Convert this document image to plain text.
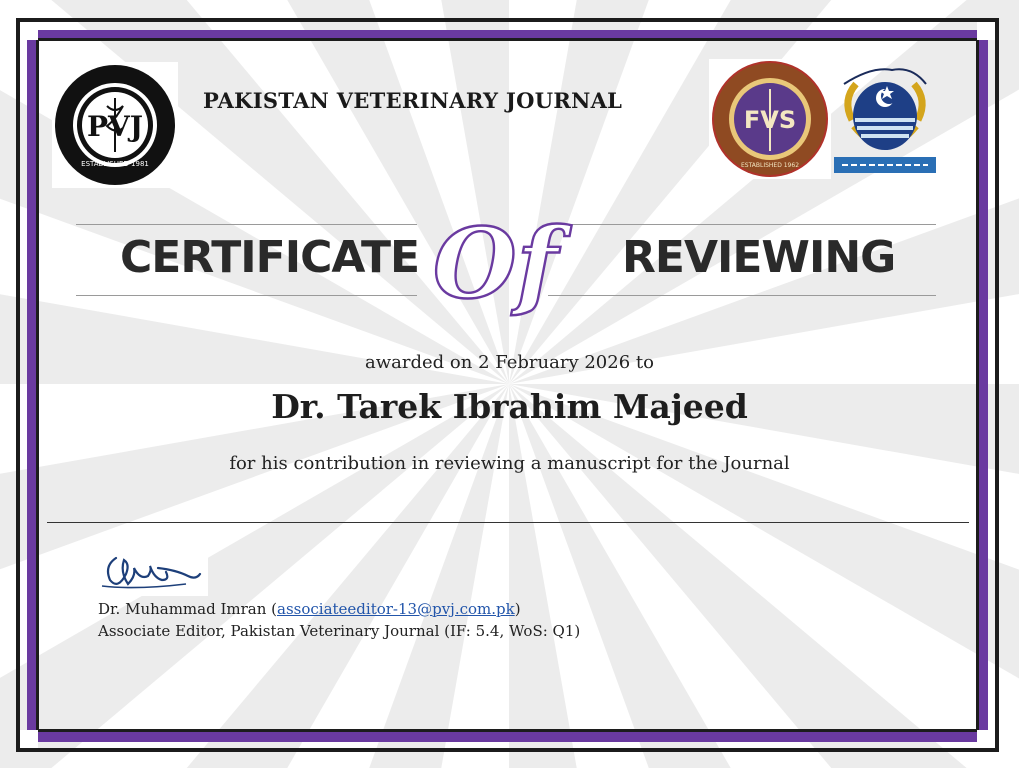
PVJ
ESTABLISHED 1981
PAKISTAN VETERINARY JOURNAL
FVS
ESTABLISHED 1962
CERTIFICATE	REVIEWING
Of
awarded on 2 February 2026 to
Dr. Tarek Ibrahim Majeed
for his contribution in reviewing a manuscript for the Journal
Dr. Muhammad Imran (associateeditor-13@pvj.com.pk)
Associate Editor, Pakistan Veterinary Journal (IF: 5.4, WoS: Q1)
